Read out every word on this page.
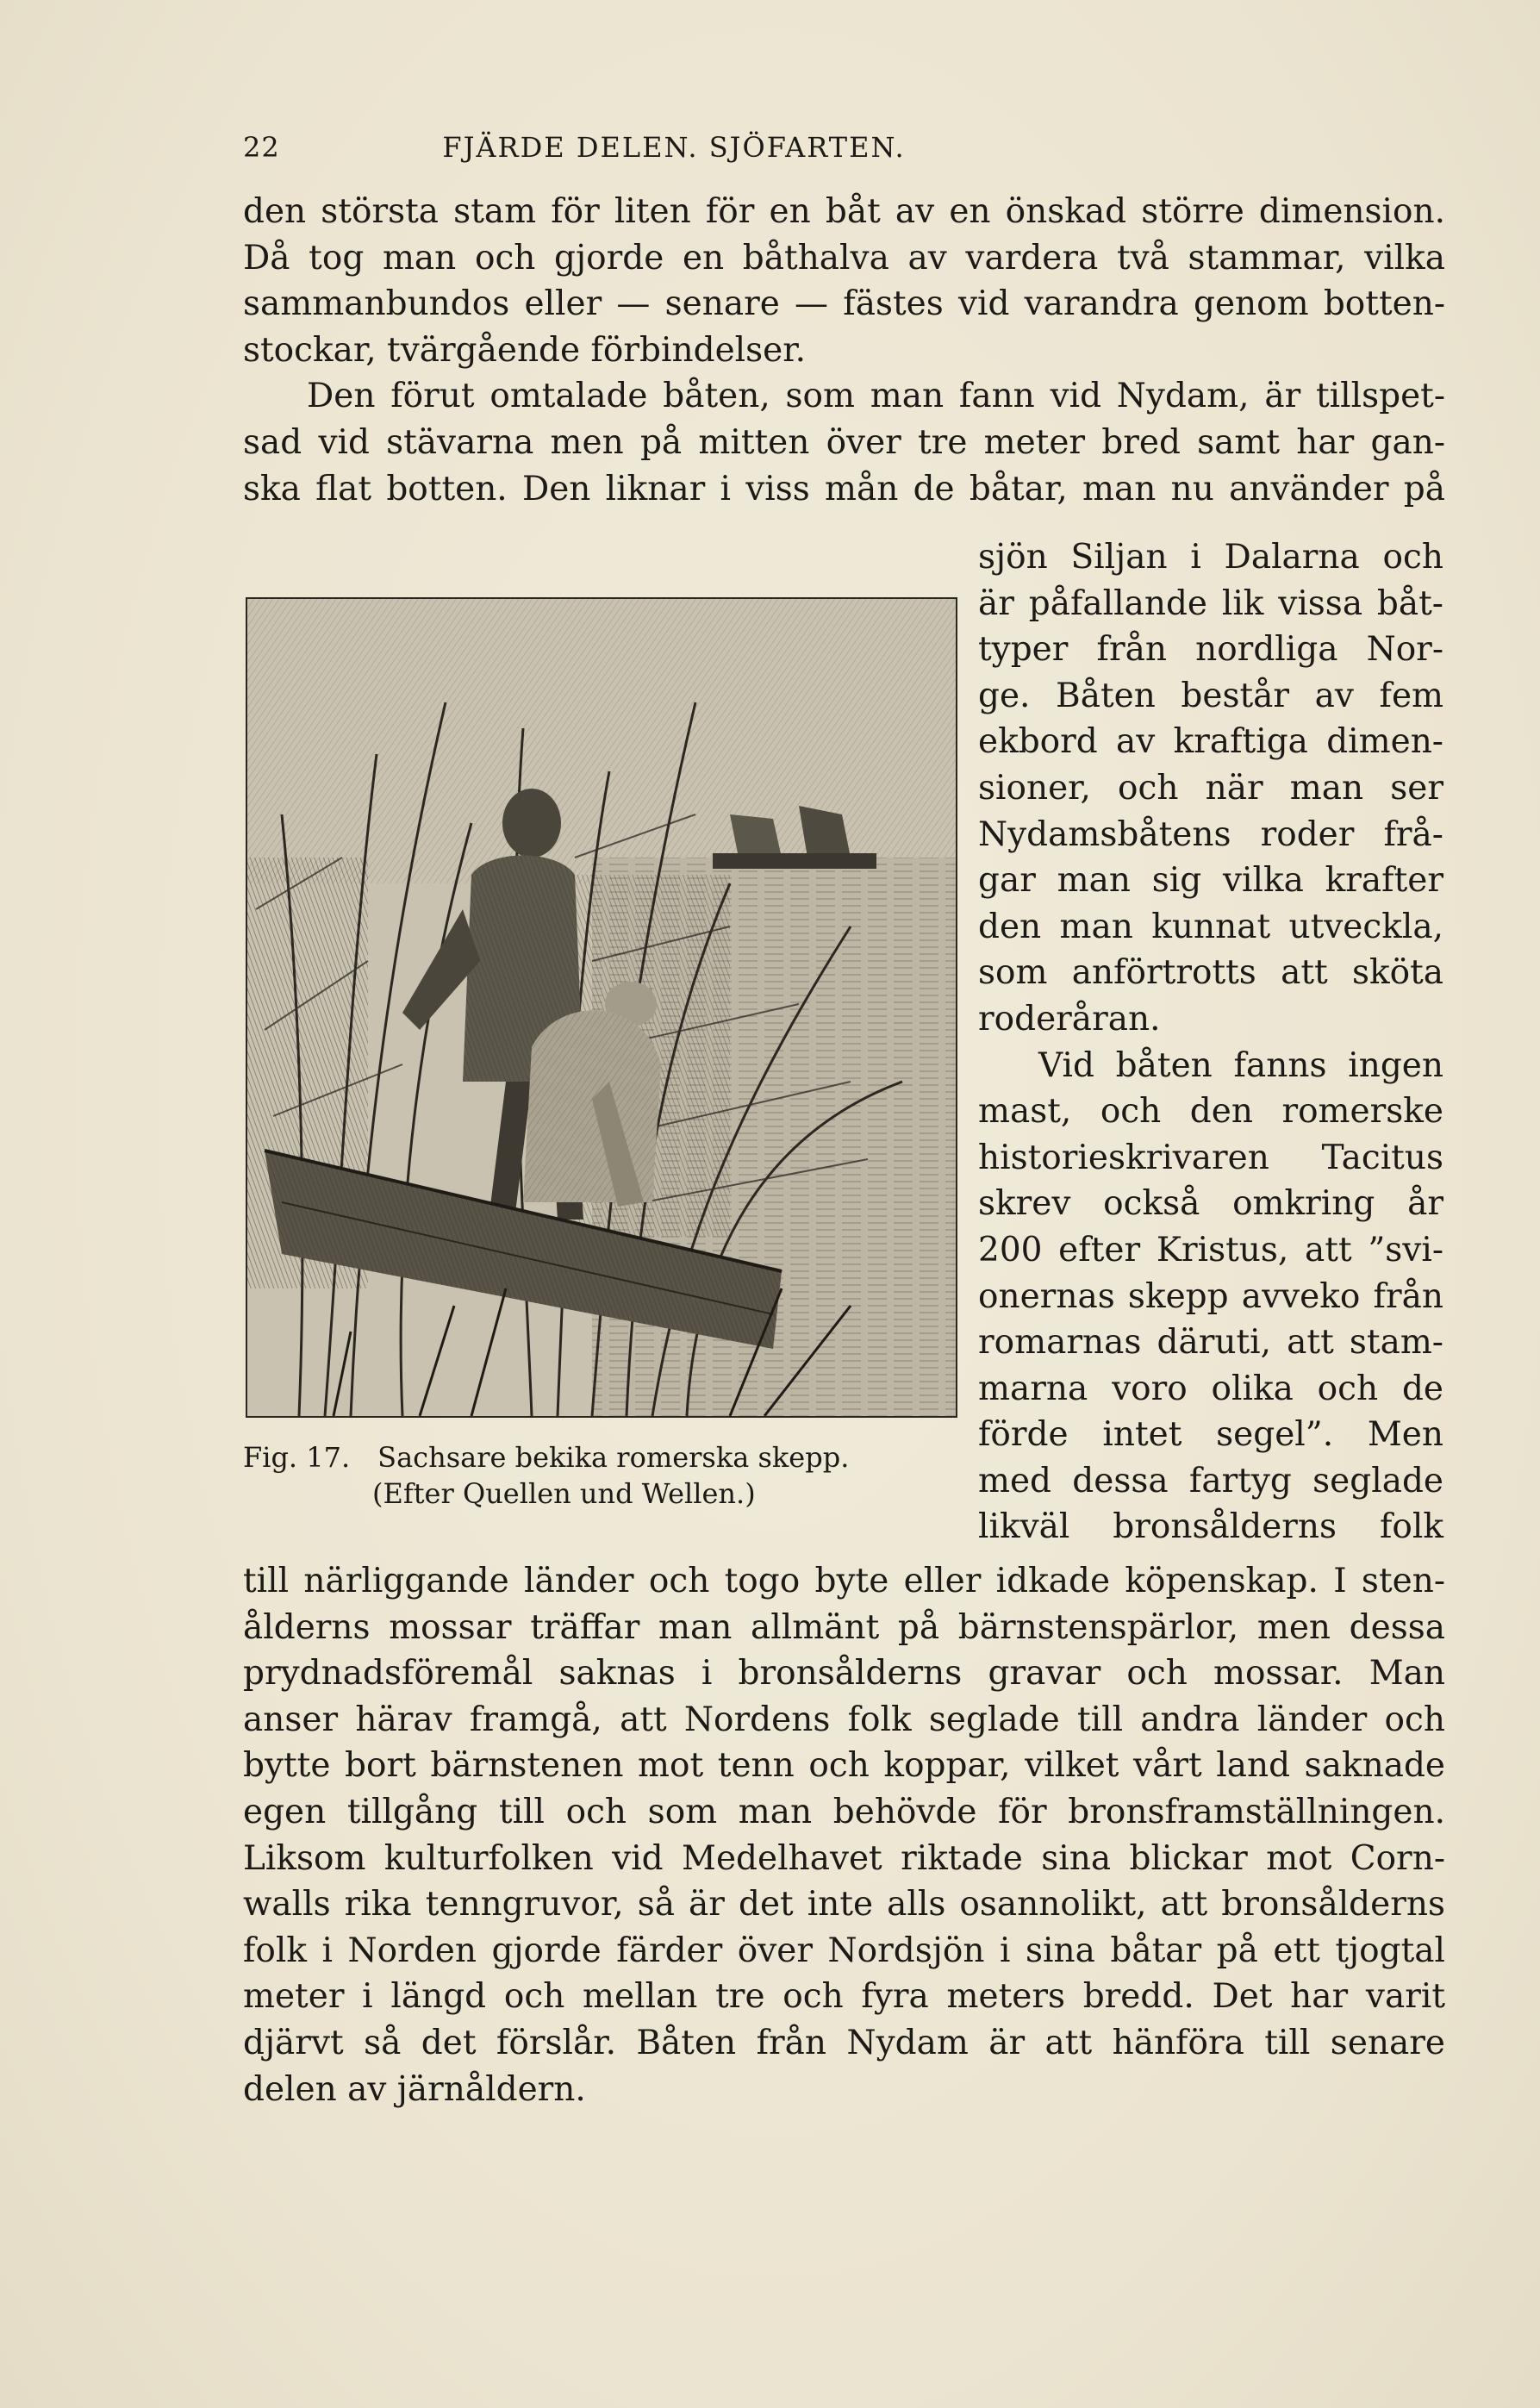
22	FJÄRDE DELEN. SJÖFARTEN.
den största stam för liten för en båt av en önskad större dimension.
Då tog man och gjorde en båthalva av vardera två stammar, vilka
sammanbundos eller — senare — fästes vid varandra genom botten-
stockar, tvärgående förbindelser.
Den förut omtalade båten, som man fann vid Nydam, är tillspet-
sad vid stävarna men på mitten över tre meter bred samt har gan-
ska flat botten. Den liknar i viss mån de båtar, man nu använder på
Fig. 17. Sachsare bekika romerska skepp.
(Efter Quellen und Wellen.)
sjön Siljan i Dalarna och
är påfallande lik vissa båt-
typer från nordliga Nor-
ge. Båten består av fem
ekbord av kraftiga dimen-
sioner, och när man ser
Nydamsbåtens roder frå-
gar man sig vilka krafter
den man kunnat utveckla,
som anförtrotts att sköta
roderåran.
Vid båten fanns ingen
mast, och den romerske
historieskrivaren Tacitus
skrev också omkring år
200 efter Kristus, att ”svi-
onernas skepp avveko från
romarnas däruti, att stam-
marna voro olika och de
förde intet segel”. Men
med dessa fartyg seglade
likväl bronsålderns folk
till närliggande länder och togo byte eller idkade köpenskap. I sten-
ålderns mossar träffar man allmänt på bärnstenspärlor, men dessa
prydnadsföremål saknas i bronsålderns gravar och mossar. Man
anser härav framgå, att Nordens folk seglade till andra länder och
bytte bort bärnstenen mot tenn och koppar, vilket vårt land saknade
egen tillgång till och som man behövde för bronsframställningen.
Liksom kulturfolken vid Medelhavet riktade sina blickar mot Corn-
walls rika tenngruvor, så är det inte alls osannolikt, att bronsålderns
folk i Norden gjorde färder över Nordsjön i sina båtar på ett tjogtal
meter i längd och mellan tre och fyra meters bredd. Det har varit
djärvt så det förslår. Båten från Nydam är att hänföra till senare
delen av järnåldern.
